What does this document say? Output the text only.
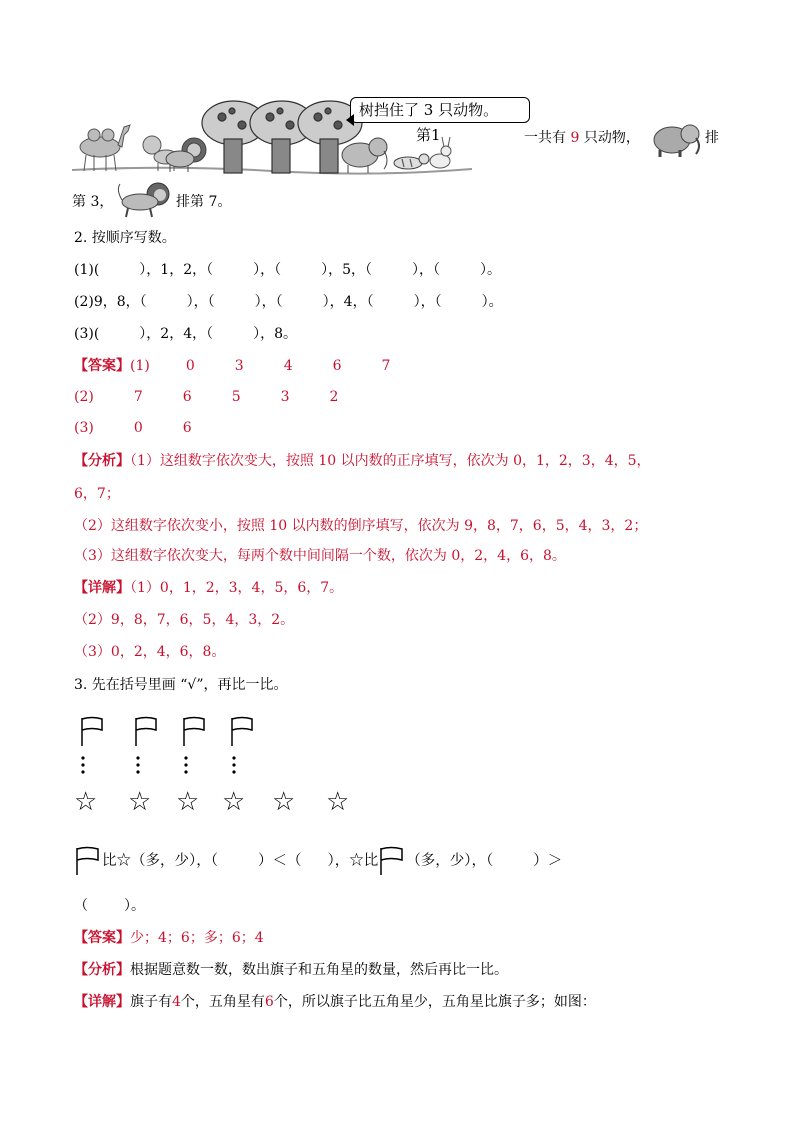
树挡住了 3 只动物。
第1	一共有 9 只动物，	排
第 3，	排第 7。
2. 按顺序写数。
(1)(	），1，2，（	），（	），5，（	），（	）。
(2)9，8，（	），（	），（	），4，（	），（	）。
(3)(	），2，4，（	），8。
【答案】(1)	0	3	4	6	7
(2)	7	6	5	3	2
(3)	0	6
【分析】（1）这组数字依次变大，按照 10 以内数的正序填写，依次为 0，1，2，3，4，5，
6，7；
（2）这组数字依次变小，按照 10 以内数的倒序填写，依次为 9，8，7，6，5，4，3，2；
（3）这组数字依次变大，每两个数中间间隔一个数，依次为 0，2，4，6，8。
【详解】（1）0，1，2，3，4，5，6，7。
（2）9，8，7，6，5，4，3，2。
（3）0，2，4，6，8。
3. 先在括号里画 “√”，再比一比。
☆ ☆ ☆ ☆ ☆ ☆
比☆（多，少），（	）＜（ ），☆比 （多，少），（	）＞
（	）。
【答案】少；4；6；多；6；4
【分析】根据题意数一数，数出旗子和五角星的数量，然后再比一比。
【详解】旗子有4个，五角星有6个，所以旗子比五角星少，五角星比旗子多；如图：
